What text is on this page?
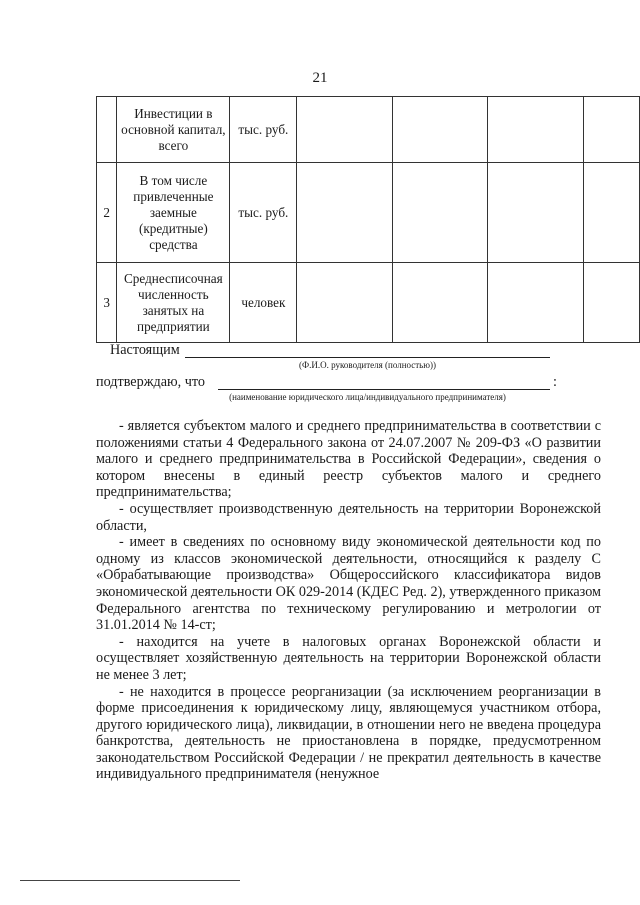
21
	Инвестиции в основной капитал, всего	тыс. руб.				
2	В том числе привлеченные заемные (кредитные) средства	тыс. руб.				
3	Среднесписочная численность занятых на предприятии	человек				
Настоящим
(Ф.И.О. руководителя (полностью))
подтверждаю, что	:
(наименование юридического лица/индивидуального предпринимателя)

- является субъектом малого и среднего предпринимательства в соответствии с положениями статьи 4 Федерального закона от 24.07.2007 № 209-ФЗ «О развитии малого и среднего предпринимательства в Российской Федерации», сведения о котором внесены в единый реестр субъектов малого и среднего предпринимательства;

- осуществляет производственную деятельность на территории Воронежской области,

- имеет в сведениях по основному виду экономической деятельности код по одному из классов экономической деятельности, относящийся к разделу С «Обрабатывающие производства» Общероссийского классификатора видов экономической деятельности ОК 029-2014 (КДЕС Ред. 2), утвержденного приказом Федерального агентства по техническому регулированию и метрологии от 31.01.2014 № 14-ст;

- находится на учете в налоговых органах Воронежской области и осуществляет хозяйственную деятельность на территории Воронежской области не менее 3 лет;

- не находится в процессе реорганизации (за исключением реорганизации в форме присоединения к юридическому лицу, являющемуся участником отбора, другого юридического лица), ликвидации, в отношении него не введена процедура банкротства, деятельность не приостановлена в порядке, предусмотренном законодательством Российской Федерации / не прекратил деятельность в качестве индивидуального предпринимателя (ненужное
